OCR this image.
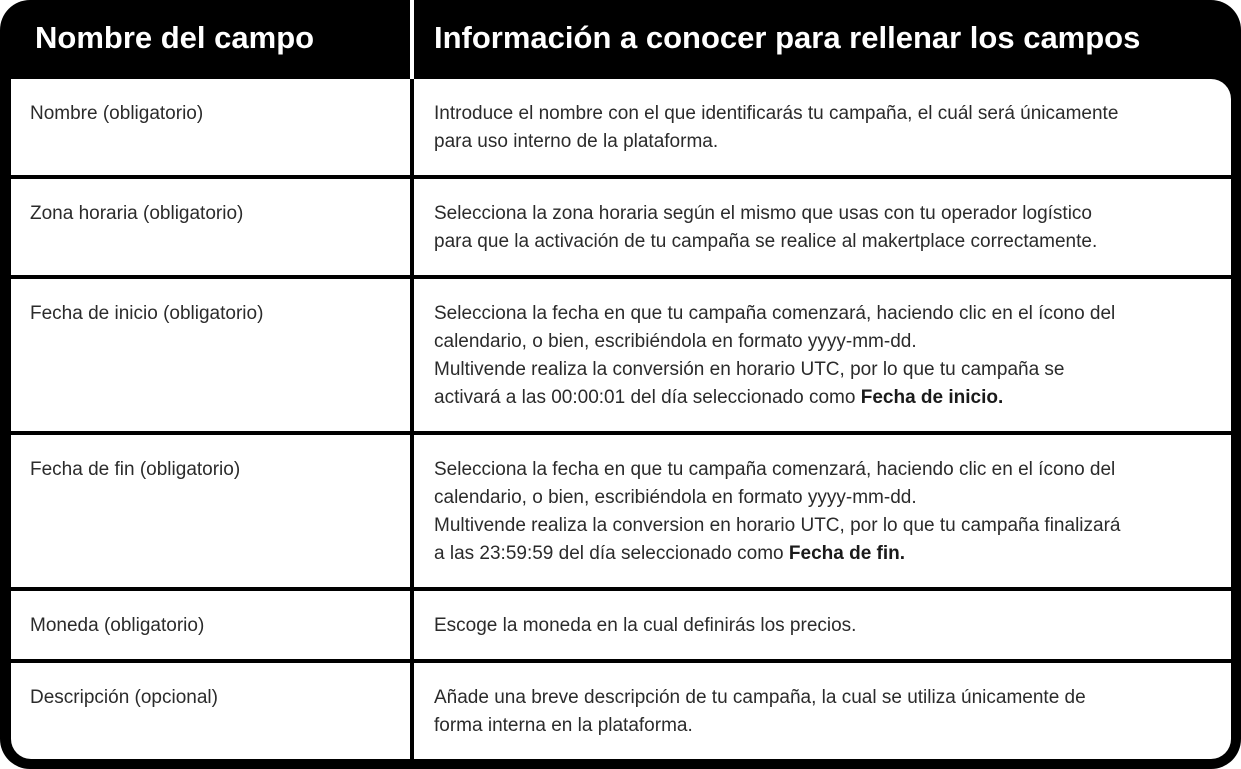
Nombre del campo	Información a conocer para rellenar los campos
Nombre (obligatorio)	Introduce el nombre con el que identificarás tu campaña, el cuál será únicamente
para uso interno de la plataforma.
Zona horaria (obligatorio)	Selecciona la zona horaria según el mismo que usas con tu operador logístico
para que la activación de tu campaña se realice al makertplace correctamente.
Fecha de inicio (obligatorio)	Selecciona la fecha en que tu campaña comenzará, haciendo clic en el ícono del
calendario, o bien, escribiéndola en formato yyyy-mm-dd.
Multivende realiza la conversión en horario UTC, por lo que tu campaña se
activará a las 00:00:01 del día seleccionado como Fecha de inicio.
Fecha de fin (obligatorio)	Selecciona la fecha en que tu campaña comenzará, haciendo clic en el ícono del
calendario, o bien, escribiéndola en formato yyyy-mm-dd.
Multivende realiza la conversion en horario UTC, por lo que tu campaña finalizará
a las 23:59:59 del día seleccionado como Fecha de fin.
Moneda (obligatorio)	Escoge la moneda en la cual definirás los precios.
Descripción (opcional)	Añade una breve descripción de tu campaña, la cual se utiliza únicamente de
forma interna en la plataforma.
